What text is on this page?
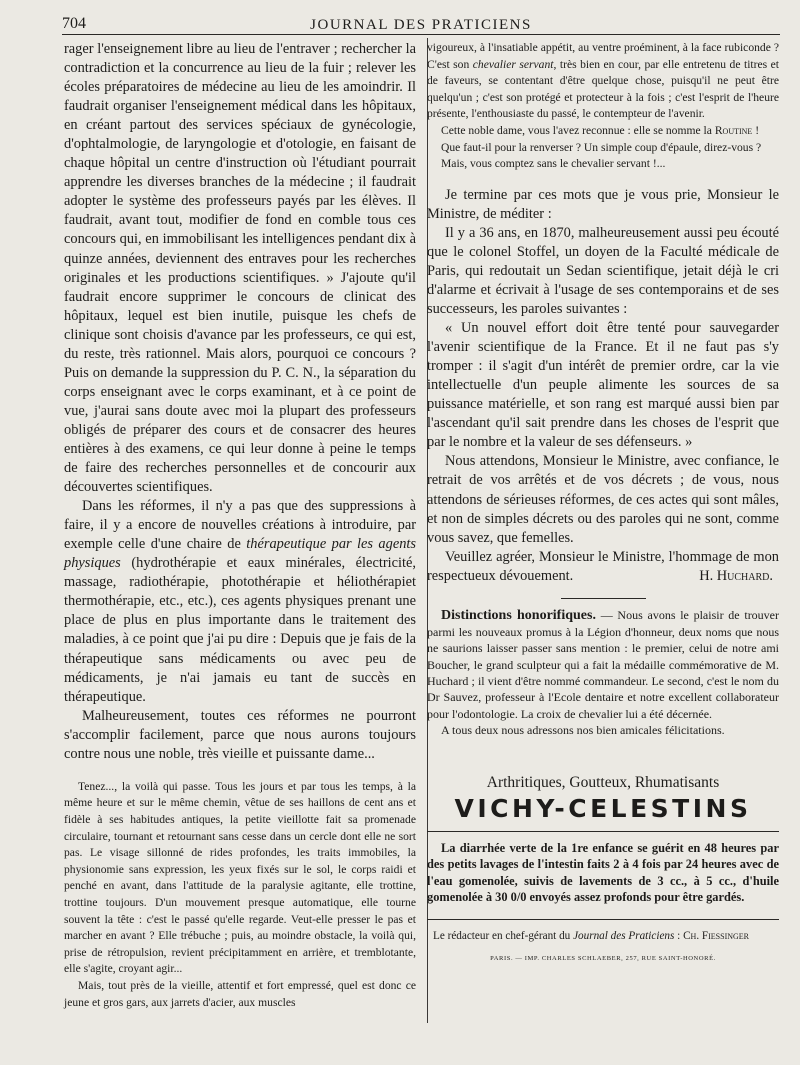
704	JOURNAL DES PRATICIENS

rager l'enseignement libre au lieu de l'entraver ; rechercher la contradiction et la concurrence au lieu de la fuir ; relever les écoles préparatoires de médecine au lieu de les amoindrir. Il faudrait organiser l'enseignement médical dans les hôpitaux, en créant partout des services spéciaux de gynécologie, d'ophtalmologie, de laryngologie et d'otologie, en faisant de chaque hôpital un centre d'instruction où l'étudiant pourrait apprendre les diverses branches de la médecine ; il faudrait adopter le système des professeurs payés par les élèves. Il faudrait, avant tout, modifier de fond en comble tous ces concours qui, en immobilisant les intelligences pendant dix à quinze années, deviennent des entraves pour les recherches originales et les productions scientifiques. » J'ajoute qu'il faudrait encore supprimer le concours de clinicat des hôpitaux, lequel est bien inutile, puisque les chefs de clinique sont choisis d'avance par les professeurs, ce qui est, du reste, très rationnel. Mais alors, pourquoi ce concours ? Puis on demande la suppression du P. C. N., la séparation du corps enseignant avec le corps examinant, et à ce point de vue, j'aurai sans doute avec moi la plupart des professeurs obligés de préparer des cours et de consacrer des heures entières à des examens, ce qui leur donne à peine le temps de faire des recherches personnelles et de concourir aux découvertes scientifiques.

Dans les réformes, il n'y a pas que des suppressions à faire, il y a encore de nouvelles créations à introduire, par exemple celle d'une chaire de thérapeutique par les agents physiques (hydrothérapie et eaux minérales, électricité, massage, radiothérapie, photothérapie et héliothérapiet thermothérapie, etc., etc.), ces agents physiques prenant une place de plus en plus importante dans le traitement des maladies, à ce point que j'ai pu dire : Depuis que je fais de la thérapeutique sans médicaments ou avec peu de médicaments, je n'ai jamais eu tant de succès en thérapeutique.

Malheureusement, toutes ces réformes ne pourront s'accomplir facilement, parce que nous aurons toujours contre nous une noble, très vieille et puissante dame...

Tenez..., la voilà qui passe. Tous les jours et par tous les temps, à la même heure et sur le même chemin, vêtue de ses haillons de cent ans et fidèle à ses habitudes antiques, la petite vieillotte fait sa promenade circulaire, tournant et retournant sans cesse dans un cercle dont elle ne sort pas. Le visage sillonné de rides profondes, les traits immobiles, la physionomie sans expression, les yeux fixés sur le sol, le corps raidi et penché en avant, dans l'attitude de la paralysie agitante, elle trottine, trottine toujours. D'un mouvement presque automatique, elle tourne souvent la tête : c'est le passé qu'elle regarde. Veut-elle presser le pas et marcher en avant ? Elle trébuche ; puis, au moindre obstacle, la voilà qui, prise de rétropulsion, revient précipitamment en arrière, et tremblotante, elle s'agite, croyant agir...

Mais, tout près de la vieille, attentif et fort empressé, quel est donc ce jeune et gros gars, aux jarrets d'acier, aux muscles

vigoureux, à l'insatiable appétit, au ventre proéminent, à la face rubiconde ? C'est son chevalier servant, très bien en cour, par elle entretenu de titres et de faveurs, se contentant d'être quelque chose, puisqu'il ne peut être quelqu'un ; c'est son protégé et protecteur à la fois ; c'est l'esprit de l'heure présente, l'enthousiaste du passé, le contempteur de l'avenir.

Cette noble dame, vous l'avez reconnue : elle se nomme la Routine !

Que faut-il pour la renverser ? Un simple coup d'épaule, direz-vous ?

Mais, vous comptez sans le chevalier servant !...

Je termine par ces mots que je vous prie, Monsieur le Ministre, de méditer :

Il y a 36 ans, en 1870, malheureusement aussi peu écouté que le colonel Stoffel, un doyen de la Faculté médicale de Paris, qui redoutait un Sedan scientifique, jetait déjà le cri d'alarme et écrivait à l'usage de ses contemporains et de ses successeurs, les paroles suivantes :

« Un nouvel effort doit être tenté pour sauvegarder l'avenir scientifique de la France. Et il ne faut pas s'y tromper : il s'agit d'un intérêt de premier ordre, car la vie intellectuelle d'un peuple alimente les sources de sa puissance matérielle, et son rang est marqué aussi bien par l'ascendant qu'il sait prendre dans les choses de l'esprit que par le nombre et la valeur de ses défenseurs. »

Nous attendons, Monsieur le Ministre, avec confiance, le retrait de vos arrêtés et de vos décrets ; de vous, nous attendons de sérieuses réformes, de ces actes qui sont mâles, et non de simples décrets ou des paroles qui ne sont, comme vous savez, que femelles.

Veuillez agréer, Monsieur le Ministre, l'hommage de mon respectueux dévouement.	H. Huchard.

Distinctions honorifiques. — Nous avons le plaisir de trouver parmi les nouveaux promus à la Légion d'honneur, deux noms que nous ne saurions laisser passer sans mention : le premier, celui de notre ami Boucher, le grand sculpteur qui a fait la médaille commémorative de M. Huchard ; il vient d'être nommé commandeur. Le second, c'est le nom du Dr Sauvez, professeur à l'Ecole dentaire et notre excellent collaborateur pour l'odontologie. La croix de chevalier lui a été décernée.

A tous deux nous adressons nos bien amicales félicitations.

Arthritiques, Goutteux, Rhumatisants
VICHY-CELESTINS

La diarrhée verte de la 1re enfance se guérit en 48 heures par des petits lavages de l'intestin faits 2 à 4 fois par 24 heures avec de l'eau gomenolée, suivis de lavements de 3 cc., à 5 cc., d'huile gomenolée à 30 0/0 envoyés assez profonds pour être gardés.

Le rédacteur en chef-gérant du Journal des Praticiens : Ch. Fiessinger
PARIS. — IMP. CHARLES SCHLAEBER, 257, RUE SAINT-HONORÉ.
